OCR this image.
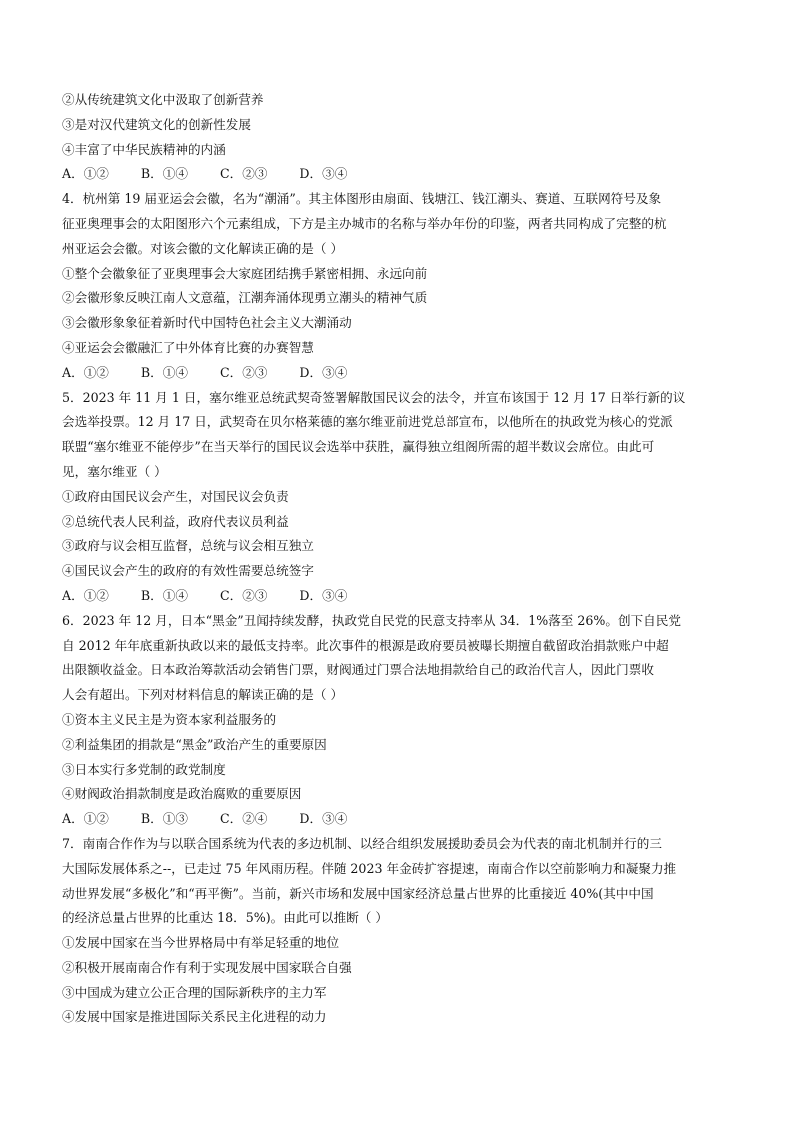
②从传统建筑文化中汲取了创新营养
③是对汉代建筑文化的创新性发展
④丰富了中华民族精神的内涵
A．①②        B．①④        C．②③        D．③④
4．杭州第 19 届亚运会会徽，名为“潮涌”。其主体图形由扇面、钱塘江、钱江潮头、赛道、互联网符号及象
征亚奥理事会的太阳图形六个元素组成，下方是主办城市的名称与举办年份的印鉴，两者共同构成了完整的杭
州亚运会会徽。对该会徽的文化解读正确的是（ ）
①整个会徽象征了亚奥理事会大家庭团结携手紧密相拥、永远向前
②会徽形象反映江南人文意蕴，江潮奔涌体现勇立潮头的精神气质
③会徽形象象征着新时代中国特色社会主义大潮涌动
④亚运会会徽融汇了中外体育比赛的办赛智慧
A．①②        B．①④        C．②③        D．③④
5．2023 年 11 月 1 日，塞尔维亚总统武契奇签署解散国民议会的法令，并宣布该国于 12 月 17 日举行新的议
会选举投票。12 月 17 日，武契奇在贝尔格莱德的塞尔维亚前进党总部宣布，以他所在的执政党为核心的党派
联盟“塞尔维亚不能停步”在当天举行的国民议会选举中获胜，赢得独立组阁所需的超半数议会席位。由此可
见，塞尔维亚（ ）
①政府由国民议会产生，对国民议会负责
②总统代表人民利益，政府代表议员利益
③政府与议会相互监督，总统与议会相互独立
④国民议会产生的政府的有效性需要总统签字
A．①②        B．①④        C．②③        D．③④
6．2023 年 12 月，日本“黑金”丑闻持续发酵，执政党自民党的民意支持率从 34．1%落至 26%。创下自民党
自 2012 年年底重新执政以来的最低支持率。此次事件的根源是政府要员被曝长期擅自截留政治捐款账户中超
出限额收益金。日本政治筹款活动会销售门票，财阀通过门票合法地捐款给自己的政治代言人，因此门票收
人会有超出。下列对材料信息的解读正确的是（ ）
①资本主义民主是为资本家利益服务的
②利益集团的捐款是“黑金”政治产生的重要原因
③日本实行多党制的政党制度
④财阀政治捐款制度是政治腐败的重要原因
A．①②        B．①③        C．②④        D．③④
7．南南合作作为与以联合国系统为代表的多边机制、以经合组织发展援助委员会为代表的南北机制并行的三
大国际发展体系之--，已走过 75 年风雨历程。伴随 2023 年金砖扩容提速，南南合作以空前影响力和凝聚力推
动世界发展“多极化”和“再平衡”。当前，新兴市场和发展中国家经济总量占世界的比重接近 40%(其中中国
的经济总量占世界的比重达 18．5%)。由此可以推断（ ）
①发展中国家在当今世界格局中有举足轻重的地位
②积极开展南南合作有利于实现发展中国家联合自强
③中国成为建立公正合理的国际新秩序的主力军
④发展中国家是推进国际关系民主化进程的动力
